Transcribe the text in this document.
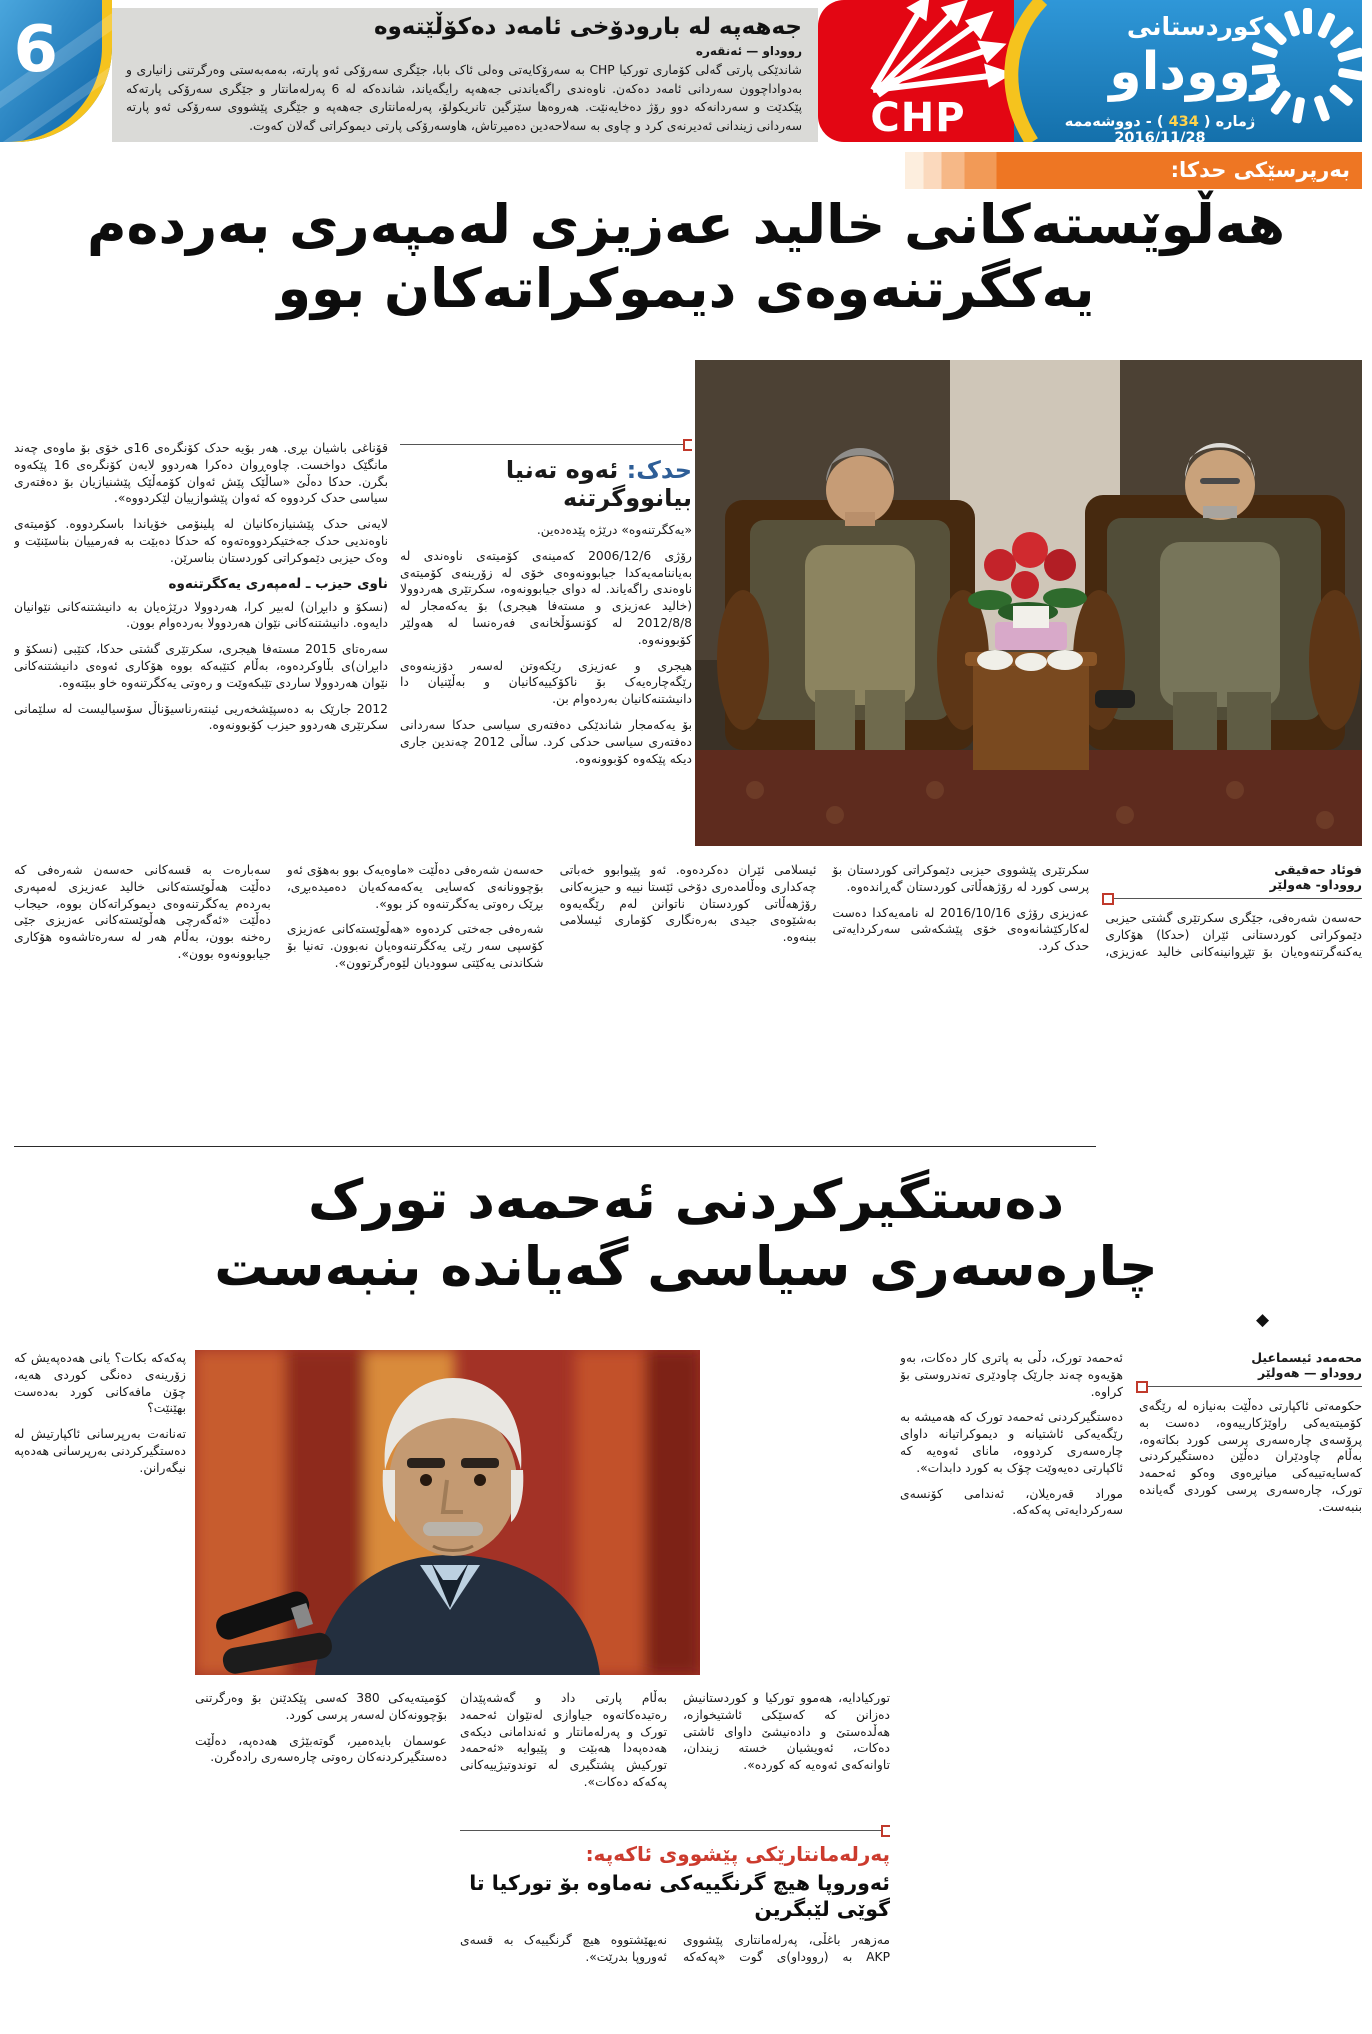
6	جەهەپە لە بارودۆخی ئامەد دەکۆڵێتەوە
رووداو — ئەنقەرە

شاندێکی پارتی گەلی کۆماری تورکیا CHP بە سەرۆکایەتی وەلی ئاک بابا، جێگری سەرۆکی ئەو پارتە، بەمەبەستی وەرگرتنی زانیاری و بەدواداچوون سەردانی ئامەد دەکەن. ناوەندی راگەیاندنی جەهەپە رایگەیاند، شاندەکە لە 6 پەرلەمانتار و جێگری سەرۆکی پارتەکە پێکدێت و سەردانەکە دوو رۆژ دەخایەنێت. هەروەها سێزگین تانریکولۆ، پەرلەمانتاری جەهەپە و جێگری پێشووی سەرۆکی ئەو پارتە سەردانی زیندانی ئەدیرنەی کرد و چاوی بە سەلاحەدین دەمیرتاش، هاوسەرۆکی پارتی دیموکراتی گەلان کەوت.	CHP
كوردستانى
رووداو
ژمارە ( 434 ) - دووشەممە 2016/11/28
بەرپرسێکی حدکا:
هەڵوێستەکانی خالید عەزیزی لەمپەری بەردەم
یەکگرتنەوەی دیموکراتەکان بوو
حدک: ئەوە تەنیا بیانووگرتنە

«یەکگرتنەوە» درێژە پێدەدەین.

رۆژی 2006/12/6 کەمینەی کۆمیتەی ناوەندی لە بەیاننامەیەکدا جیابوونەوەی خۆی لە زۆرینەی کۆمیتەی ناوەندی راگەیاند. لە دوای جیابوونەوە، سکرتێری هەردوولا (خالید عەزیزی و مستەفا هیجری) بۆ یەکەمجار لە 2012/8/8 لە کۆنسۆڵخانەی فەرەنسا لە هەولێر کۆبوونەوە.

هیجری و عەزیزی رێکەوتن لەسەر دۆزینەوەی رێگەچارەیەک بۆ ناکۆکییەکانیان و بەڵێنیان دا دانیشتنەکانیان بەردەوام بن.

بۆ یەکەمجار شاندێکی دەفتەری سیاسی حدکا سەردانی دەفتەری سیاسی حدکی کرد. ساڵی 2012 چەندین جاری دیکە پێکەوە کۆبوونەوە.

قۆناغی باشیان بڕی. هەر بۆیە حدک کۆنگرەی 16ی خۆی بۆ ماوەی چەند مانگێک دواخست. چاوەڕوان دەکرا هەردوو لایەن کۆنگرەی 16 پێکەوە بگرن. حدکا دەڵێ «ساڵێک پێش ئەوان کۆمەڵێک پێشنیازیان بۆ دەفتەری سیاسی حدک کردووە کە ئەوان پێشوازییان لێکردووە».

لایەنی حدک پێشنیازەکانیان لە پلینۆمی خۆیاندا باسکردووە. کۆمیتەی ناوەندیی حدک جەختیکردووەتەوە کە حدکا دەبێت بە فەرمییان بناسێنێت و وەک حیزبی دێموکراتی کوردستان بناسرێن.

ناوی حیزب ـ لەمپەری یەکگرتنەوە

(نسکۆ و دابڕان) لەبیر کرا، هەردوولا درێژەیان بە دانیشتنەکانی نێوانیان دایەوە. دانیشتنەکانی نێوان هەردوولا بەردەوام بوون.

سەرەتای 2015 مستەفا هیجری، سکرتێری گشتی حدکا، کتێبی (نسکۆ و دابڕان)ی بڵاوکردەوە، بەڵام کتێبەکە بووە هۆکاری ئەوەی دانیشتنەکانی نێوان هەردوولا ساردی تێبکەوێت و رەوتی یەکگرتنەوە خاو ببێتەوە.

2012 جارێک بە دەسپێشخەریی ئینتەرناسیۆناڵ سۆسیالیست لە سلێمانی سکرتێری هەردوو حیزب کۆبوونەوە.

فوئاد حەقیقی

رووداو- هەولێر

حەسەن شەرەفی، جێگری سکرتێری گشتی حیزبی دێموکراتی کوردستانی ئێران (حدکا) هۆکاری یەکنەگرتنەوەیان بۆ تێڕوانینەکانی خالید عەزیزی، سکرتێری پێشووی حیزبی دێموکراتی کوردستان بۆ پرسی کورد لە رۆژهەڵاتی کوردستان گەڕاندەوە.

عەزیزی رۆژی 2016/10/16 لە نامەیەکدا دەست لەکارکێشانەوەی خۆی پێشکەشی سەرکردایەتی حدک کرد.

ئیسلامی ئێران دەکردەوە. ئەو پێیوابوو خەباتی چەکداری وەڵامدەری دۆخی ئێستا نییە و حیزبەکانی رۆژهەڵاتی کوردستان ناتوانن لەم رێگەیەوە بەشێوەی جیدی بەرەنگاری کۆماری ئیسلامی ببنەوە.

حەسەن شەرەفی دەڵێت «ماوەیەک بوو بەهۆی ئەو بۆچوونانەی کەسایی یەکەمەکەیان دەمیدەبڕی، بڕێک رەوتی یەکگرتنەوە کز بوو».

شەرەفی جەختی کردەوە «هەڵوێستەکانی عەزیزی کۆسپی سەر رێی یەکگرتنەوەیان نەبوون. تەنیا بۆ شکاندنی یەکێتی سوودیان لێوەرگرتوون».

سەبارەت بە قسەکانی حەسەن شەرەفی کە دەڵێت هەڵوێستەکانی خالید عەزیزی لەمپەری بەردەم یەکگرتنەوەی دیموکراتەکان بووە، حیجاب دەڵێت «ئەگەرچی هەڵوێستەکانی عەزیزی جێی رەخنە بوون، بەڵام هەر لە سەرەتاشەوە هۆکاری جیابوونەوە بوون».

◆
دەستگیرکردنی ئەحمەد تورک
چارەسەری سیاسی گەیاندە بنبەست

محەمەد ئیسماعیل

رووداو — هەولێر

حکومەتی ئاکپارتی دەڵێت بەنیازە لە رێگەی کۆمیتەیەکی راوێژکارییەوە، دەست بە پرۆسەی چارەسەری پرسی کورد بکاتەوە، بەڵام چاودێران دەڵێن دەستگیرکردنی کەسایەتییەکی میانڕەوی وەکو ئەحمەد تورک، چارەسەری پرسی کوردی گەیاندە بنبەست.

ئەحمەد تورک، دڵی بە پاتری کار دەکات، بەو هۆیەوە چەند جارێک چاودێری تەندروستی بۆ کراوە.

دەستگیرکردنی ئەحمەد تورک کە هەمیشە بە رێگەیەکی ئاشتیانە و دیموکراتیانە داوای چارەسەری کردووە، مانای ئەوەیە کە ئاکپارتی دەیەوێت چۆک بە کورد دابدات».

موراد قەرەیلان، ئەندامی کۆنسەی سەرکردایەتی پەکەکە.

پەکەکە بکات؟ یانی هەدەپەیش کە زۆرینەی دەنگی کوردی هەیە، چۆن مافەکانی کورد بەدەست بهێنێت؟

تەنانەت بەرپرسانی ئاکپارتیش لە دەستگیرکردنی بەرپرسانی هەدەپە نیگەرانن.

کۆمیتەیەکی 380 کەسی پێکدێنن بۆ وەرگرتنی بۆچوونەکان لەسەر پرسی کورد.

عوسمان بایدەمیر، گوتەبێژی هەدەپە، دەڵێت دەستگیرکردنەکان رەوتی چارەسەری رادەگرن.

تورکیادایە، هەموو تورکیا و کوردستانیش دەزانن کە کەسێکی ئاشتیخوازە، هەڵدەستێ و دادەنیشێ داوای ئاشتی دەکات، ئەویشیان خستە زیندان، تاوانەکەی ئەوەیە کە کوردە».

بەڵام پارتی داد و گەشەپێدان رەتیدەکاتەوە جیاوازی لەنێوان ئەحمەد تورک و پەرلەمانتار و ئەندامانی دیکەی هەدەپەدا هەبێت و پێیوایە «ئەحمەد تورکیش پشتگیری لە توندوتیژییەکانی پەکەکە دەکات».

پەرلەمانتارێکی پێشووی ئاکەپە:
ئەوروپا هیچ گرنگییەکی نەماوە بۆ تورکیا تا گوێی لێبگرین

مەزهەر باغڵی، پەرلەمانتاری پێشووی AKP بە (رووداو)ی گوت «پەکەکە نەیهێشتووە هیچ گرنگییەک بە قسەی ئەوروپا بدرێت».
